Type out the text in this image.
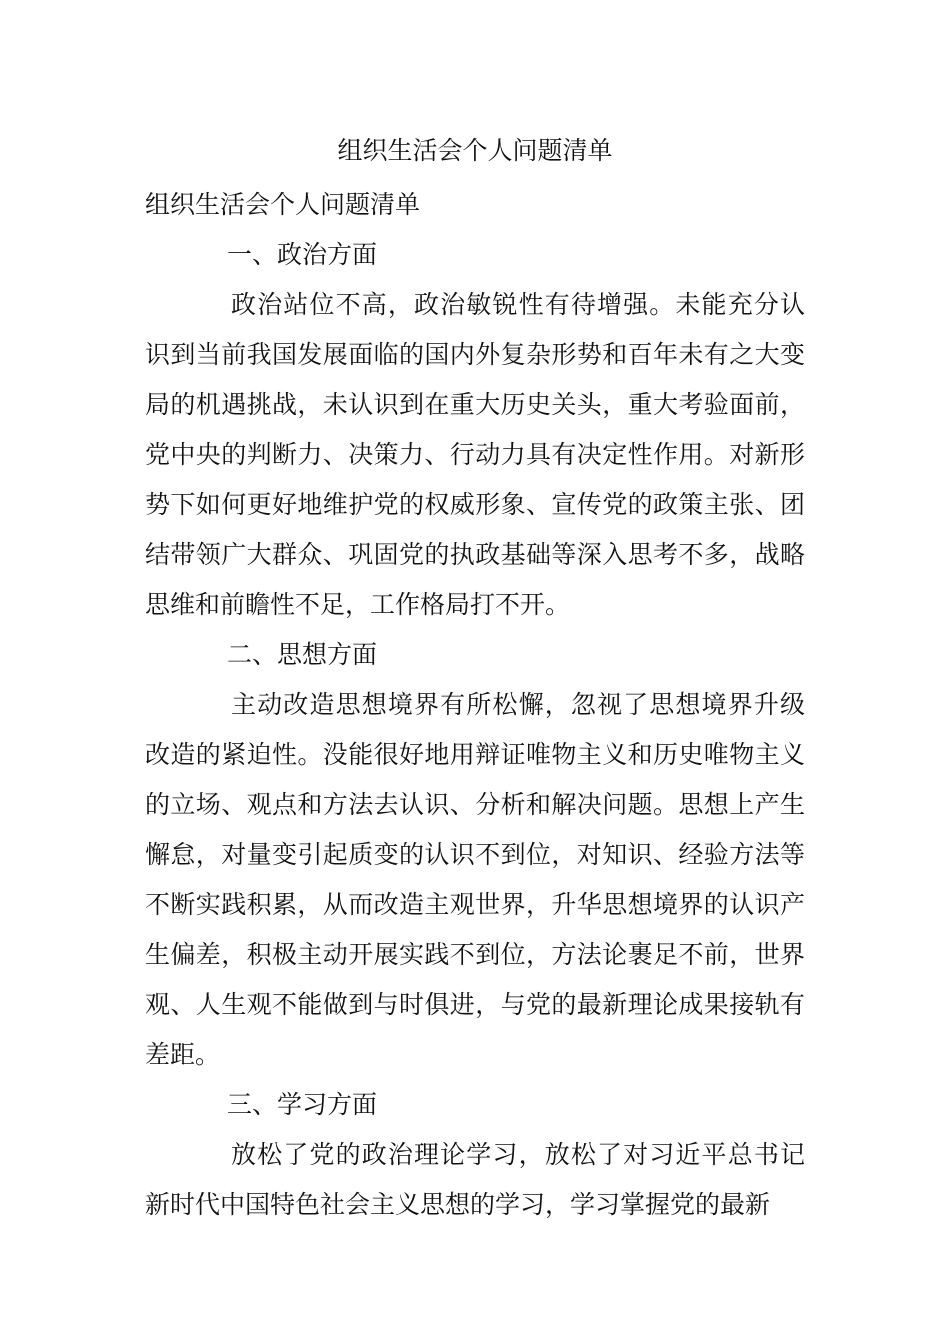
组织生活会个人问题清单

组织生活会个人问题清单

一、政治方面

政治站位不高，政治敏锐性有待增强。未能充分认识到当前我国发展面临的国内外复杂形势和百年未有之大变局的机遇挑战，未认识到在重大历史关头，重大考验面前，党中央的判断力、决策力、行动力具有决定性作用。对新形势下如何更好地维护党的权威形象、宣传党的政策主张、团结带领广大群众、巩固党的执政基础等深入思考不多，战略思维和前瞻性不足，工作格局打不开。

二、思想方面

主动改造思想境界有所松懈，忽视了思想境界升级改造的紧迫性。没能很好地用辩证唯物主义和历史唯物主义的立场、观点和方法去认识、分析和解决问题。思想上产生懈怠，对量变引起质变的认识不到位，对知识、经验方法等不断实践积累，从而改造主观世界，升华思想境界的认识产生偏差，积极主动开展实践不到位，方法论裹足不前，世界观、人生观不能做到与时俱进，与党的最新理论成果接轨有差距。

三、学习方面

放松了党的政治理论学习，放松了对习近平总书记新时代中国特色社会主义思想的学习，学习掌握党的最新
